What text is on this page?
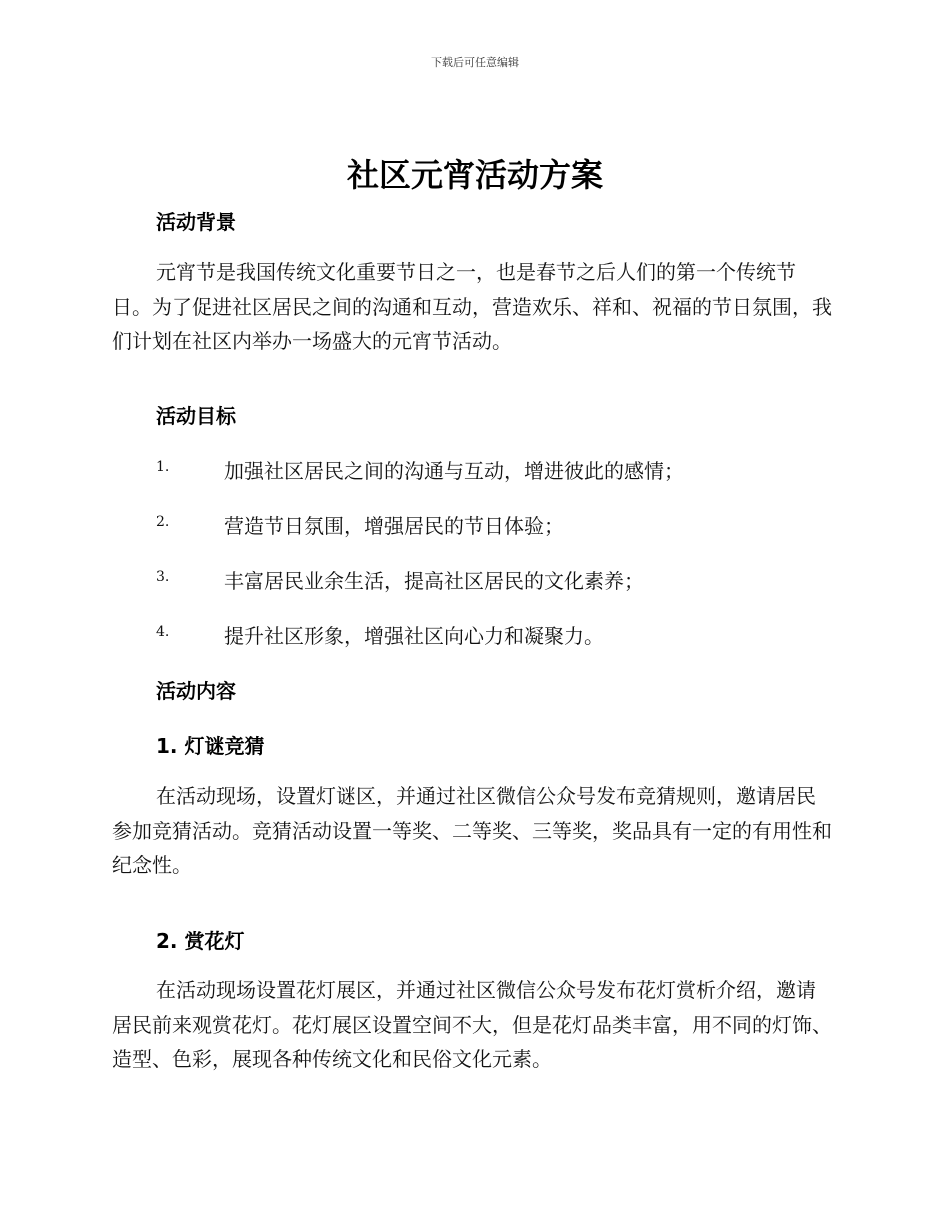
下载后可任意编辑
社区元宵活动方案
活动背景

元宵节是我国传统文化重要节日之一，也是春节之后人们的第一个传统节日。为了促进社区居民之间的沟通和互动，营造欢乐、祥和、祝福的节日氛围，我们计划在社区内举办一场盛大的元宵节活动。

活动目标
1.	加强社区居民之间的沟通与互动，增进彼此的感情；
2.	营造节日氛围，增强居民的节日体验；
3.	丰富居民业余生活，提高社区居民的文化素养；
4.	提升社区形象，增强社区向心力和凝聚力。
活动内容
1. 灯谜竞猜

在活动现场，设置灯谜区，并通过社区微信公众号发布竞猜规则，邀请居民参加竞猜活动。竞猜活动设置一等奖、二等奖、三等奖，奖品具有一定的有用性和纪念性。

2. 赏花灯

在活动现场设置花灯展区，并通过社区微信公众号发布花灯赏析介绍，邀请居民前来观赏花灯。花灯展区设置空间不大，但是花灯品类丰富，用不同的灯饰、造型、色彩，展现各种传统文化和民俗文化元素。
